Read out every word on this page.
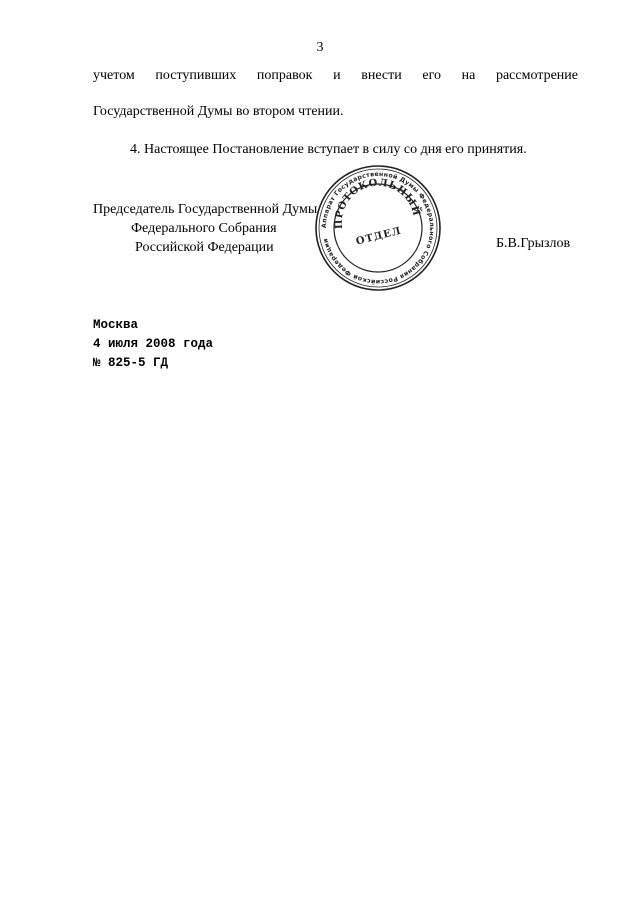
3
учетом поступивших поправок и внести его на рассмотрение
Государственной Думы во втором чтении.
4. Настоящее Постановление вступает в силу со дня его принятия.
Председатель Государственной Думы
Федерального Собрания
Российской Федерации	Б.В.Грызлов
Аппарат Государственной Думы Федерального Собрания Российской Федерации
ПРОТОКОЛЬНЫЙ
ОТДЕЛ
Москва
4 июля 2008 года
№ 825-5 ГД
